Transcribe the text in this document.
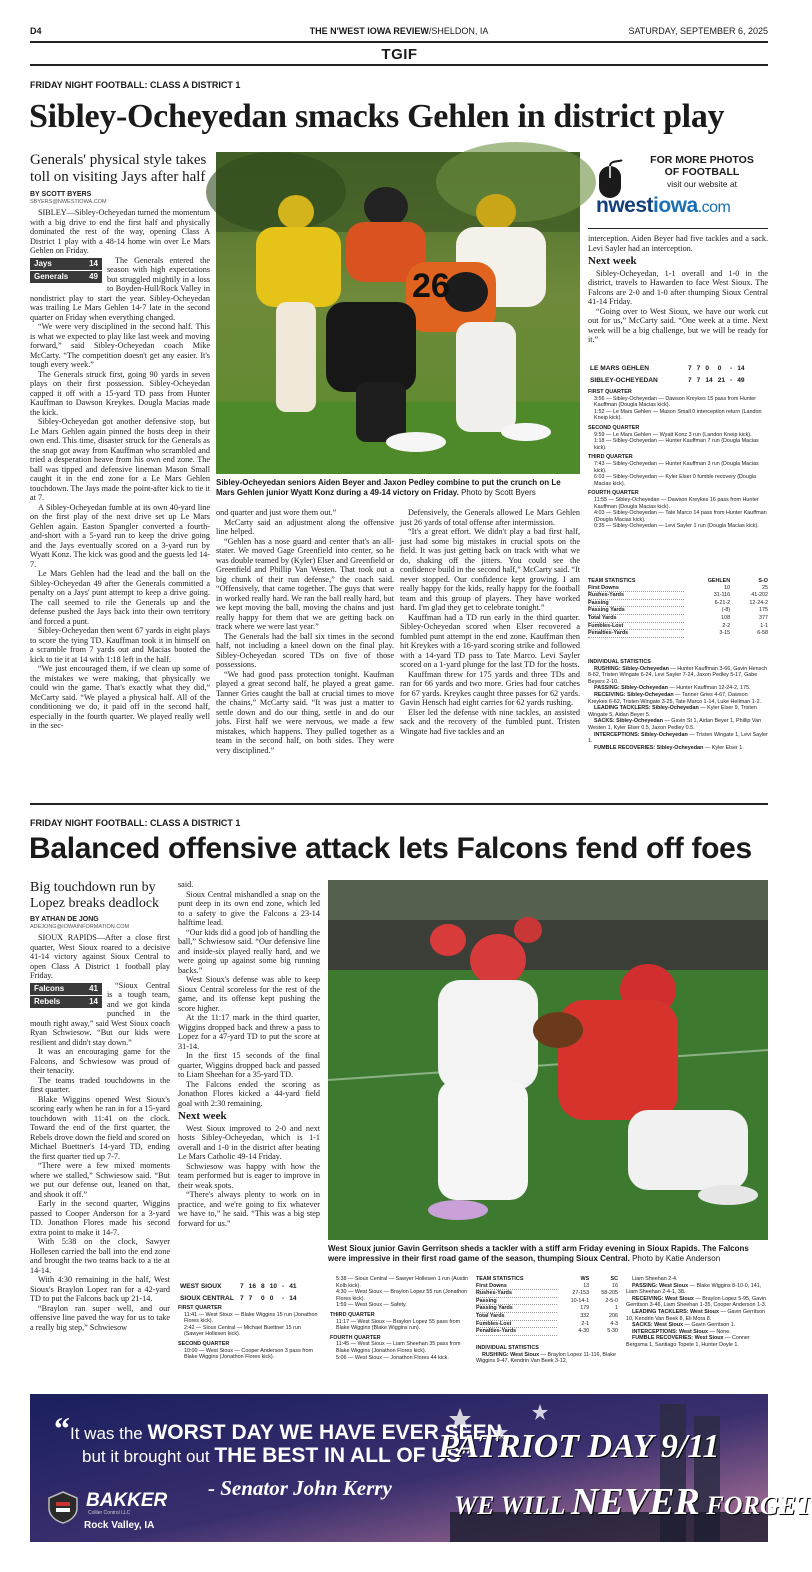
D4	THE N'WEST IOWA REVIEW/SHELDON, IA	SATURDAY, SEPTEMBER 6, 2025
TGIF
FRIDAY NIGHT FOOTBALL: CLASS A DISTRICT 1
Sibley-Ocheyedan smacks Gehlen in district play
Generals' physical style takes toll on visiting Jays after half
BY SCOTT BYERS
SBYERS@NWESTIOWA.COM

SIBLEY—Sibley-Ocheyedan turned the momentum with a big drive to end the first half and physically dominated the rest of the way, opening Class A District 1 play with a 48-14 home win over Le Mars Gehlen on Friday.

Jays	14
Generals	49

The Generals entered the season with high expectations but struggled mightily in a loss to Boyden-Hull/Rock Valley in nondistrict play to start the year. Sibley-Ocheyedan was trailing Le Mars Gehlen 14-7 late in the second quarter on Friday when everything changed.

“We were very disciplined in the second half. This is what we expected to play like last week and moving forward,” said Sibley-Ocheyedan coach Mike McCarty. “The competition doesn't get any easier. It's tough every week.”

The Generals struck first, going 90 yards in seven plays on their first possession. Sibley-Ocheyedan capped it off with a 15-yard TD pass from Hunter Kauffman to Dawson Kreykes. Dougla Macias made the kick.

Sibley-Ocheyedan got another defensive stop, but Le Mars Gehlen again pinned the hosts deep in their own end. This time, disaster struck for the Generals as the snap got away from Kauffman who scrambled and tried a desperation heave from his own end zone. The ball was tipped and defensive lineman Mason Small caught it in the end zone for a Le Mars Gehlen touchdown. The Jays made the point-after kick to tie it at 7.

A Sibley-Ocheyedan fumble at its own 40-yard line on the first play of the next drive set up Le Mars Gehlen again. Easton Spangler converted a fourth-and-short with a 5-yard run to keep the drive going and the Jays eventually scored on a 3-yard run by Wyatt Konz. The kick was good and the guests led 14-7.

Le Mars Gehlen had the lead and the ball on the Sibley-Ocheyedan 49 after the Generals committed a penalty on a Jays' punt attempt to keep a drive going. The call seemed to rile the Generals up and the defense pushed the Jays back into their own territory and forced a punt.

Sibley-Ocheyedan then went 67 yards in eight plays to score the tying TD. Kauffman took it in himself on a scramble from 7 yards out and Macias booted the kick to tie it at 14 with 1:18 left in the half.

“We just encouraged them, if we clean up some of the mistakes we were making, that physically we could win the game. That's exactly what they did,” McCarty said. “We played a physical half. All of the conditioning we do, it paid off in the second half, especially in the fourth quarter. We played really well in the sec-

26
Sibley-Ocheyedan seniors Aiden Beyer and Jaxon Pedley combine to put the crunch on Le Mars Gehlen junior Wyatt Konz during a 49-14 victory on Friday. Photo by Scott Byers

ond quarter and just wore them out.”

McCarty said an adjustment along the offensive line helped.

“Gehlen has a nose guard and center that's an all-stater. We moved Gage Greenfield into center, so he was double teamed by (Kyler) Elser and Greenfield or Greenfield and Phillip Van Westen. That took out a big chunk of their run defense,” the coach said. “Offensively, that came together. The guys that were in worked really hard. We ran the ball really hard, but we kept moving the ball, moving the chains and just really happy for them that we are getting back on track where we were last year.”

The Generals had the ball six times in the second half, not including a kneel down on the final play. Sibley-Ocheyedan scored TDs on five of those possessions.

“We had good pass protection tonight. Kaufman played a great second half, he played a great game. Tanner Gries caught the ball at crucial times to move the chains,” McCarty said. “It was just a matter to settle down and do our thing, settle in and do our jobs. First half we were nervous, we made a few mistakes, which happens. They pulled together as a team in the second half, on both sides. They were very disciplined.”

Defensively, the Generals allowed Le Mars Gehlen just 26 yards of total offense after intermission.

“It's a great effort. We didn't play a bad first half, just had some big mistakes in crucial spots on the field. It was just getting back on track with what we do, shaking off the jitters. You could see the confidence build in the second half,” McCarty said. “It never stopped. Our confidence kept growing. I am really happy for the kids, really happy for the football team and this group of players. They have worked hard. I'm glad they get to celebrate tonight.”

Kauffman had a TD run early in the third quarter. Sibley-Ocheyedan scored when Elser recovered a fumbled punt attempt in the end zone. Kauffman then hit Kreykes with a 16-yard scoring strike and followed with a 14-yard TD pass to Tate Marco. Levi Sayler scored on a 1-yard plunge for the last TD for the hosts.

Kauffman threw for 175 yards and three TDs and ran for 66 yards and two more. Gries had four catches for 67 yards. Kreykes caught three passes for 62 yards. Gavin Hensch had eight carries for 62 yards rushing.

Elser led the defense with nine tackles, an assisted sack and the recovery of the fumbled punt. Tristen Wingate had five tackles and an

FOR MORE PHOTOS
OF FOOTBALL
visit our website at
nwestiowa.com

interception. Aiden Beyer had five tackles and a sack. Levi Sayler had an interception.

Next week

Sibley-Ocheyedan, 1-1 overall and 1-0 in the district, travels to Hawarden to face West Sioux. The Falcons are 2-0 and 1-0 after thumping Sioux Central 41-14 Friday.

“Going over to West Sioux, we have our work cut out for us,” McCarty said. “One week at a time. Next week will be a big challenge, but we will be ready for it.”

LE MARS GEHLEN	7	7	0	0	-	14
SIBLEY-OCHEYEDAN	7	7	14	21	-	49
FIRST QUARTER
3:56 — Sibley-Ocheyedan — Dawson Kreykes 15 pass from Hunter Kauffman (Dougla Macias kick).
1:52 — Le Mars Gehlen — Mason Small 0 interception return (Landon Kneip kick).
SECOND QUARTER
9:59 — Le Mars Gehlen — Wyatt Konz 3 run (Landon Kneip kick).
1:18 — Sibley-Ocheyedan — Hunter Kauffman 7 run (Dougla Macias kick).
THIRD QUARTER
7:43 — Sibley-Ocheyedan — Hunter Kauffman 3 run (Dougla Macias kick).
6:03 — Sibley-Ocheyedan — Kyler Elser 0 fumble recovery (Dougla Macias kick).
FOURTH QUARTER
11:55 — Sibley-Ocheyedan — Dawson Kreykes 16 pass from Hunter Kauffman (Dougla Macias kick).
4:03 — Sibley-Ocheyedan — Tate Marco 14 pass from Hunter Kauffman (Dougla Macias kick).
0:35 — Sibley-Ocheyedan — Levi Sayler 1 run (Dougla Macias kick).
TEAM STATISTICS	GEHLEN	S-O
First Downs	10	25
Rushes-Yards	31-116	41-202
Passing	6-21-2	12-24-2
Passing Yards	(-8)	175
Total Yards	108	377
Fumbles-Lost	2-2	1-1
Penalties-Yards	3-15	6-58
INDIVIDUAL STATISTICS
RUSHING: Sibley-Ocheyedan — Hunter Kauffman 3-66, Gavin Hensch 8-62, Tristen Wingate 6-24, Levi Sayler 7-24, Jaxon Pedley 5-17, Gabe Beyers 2-10.
PASSING: Sibley-Ocheyedan — Hunter Kauffman 12-24-2, 175.
RECEIVING: Sibley-Ocheyedan — Tanner Gries 4-67, Dawson Kreykes 6-62, Tristen Wingate 3-25, Tate Marco 1-14, Luke Heilman 1-2.
LEADING TACKLERS: Sibley-Ocheyedan — Kyler Elser 9, Tristen Wingate 5, Aidan Beyer 5.
SACKS: Sibley-Ocheyedan — Gavin St 1, Aidan Beyer 1, Phillip Van Westen 1, Kyler Elser 0.5, Jaxon Pedley 0.5.
INTERCEPTIONS: Sibley-Ocheyedan — Tristen Wingate 1, Levi Sayler 1.
FUMBLE RECOVERIES: Sibley-Ocheyedan — Kyler Elser 1.
FRIDAY NIGHT FOOTBALL: CLASS A DISTRICT 1
Balanced offensive attack lets Falcons fend off foes
Big touchdown run by Lopez breaks deadlock
BY ATHAN DE JONG
ADEJONG@IOWAINFORMATION.COM

SIOUX RAPIDS—After a close first quarter, West Sioux roared to a decisive 41-14 victory against Sioux Central to open Class A District 1 football play Friday.

Falcons	41
Rebels	14

“Sioux Central is a tough team, and we got kinda punched in the mouth right away,” said West Sioux coach Ryan Schwiesow. “But our kids were resilient and didn't stay down.”

It was an encouraging game for the Falcons, and Schwiesow was proud of their tenacity.

The teams traded touchdowns in the first quarter.

Blake Wiggins opened West Sioux's scoring early when he ran in for a 15-yard touchdown with 11:41 on the clock. Toward the end of the first quarter, the Rebels drove down the field and scored on Michael Buettner's 14-yard TD, ending the first quarter tied up 7-7.

“There were a few mixed moments where we stalled,” Schwiesow said. “But we put our defense out, leaned on that, and shook it off.”

Early in the second quarter, Wiggins passed to Cooper Anderson for a 3-yard TD. Jonathon Flores made his second extra point to make it 14-7.

With 5:38 on the clock, Sawyer Hollesen carried the ball into the end zone and brought the two teams back to a tie at 14-14.

With 4:30 remaining in the half, West Sioux's Braylon Lopez ran for a 42-yard TD to put the Falcons back up 21-14.

“Braylon ran super well, and our offensive line paved the way for us to take a really big step,” Schwiesow

said.

Sioux Central mishandled a snap on the punt deep in its own end zone, which led to a safety to give the Falcons a 23-14 halftime lead.

“Our kids did a good job of handling the ball,” Schwiesow said. “Our defensive line and inside-six played really hard, and we were going up against some big running backs.”

West Sioux's defense was able to keep Sioux Central scoreless for the rest of the game, and its offense kept pushing the score higher.

At the 11:17 mark in the third quarter, Wiggins dropped back and threw a pass to Lopez for a 47-yard TD to put the score at 31-14.

In the first 15 seconds of the final quarter, Wiggins dropped back and passed to Liam Sheehan for a 35-yard TD.

The Falcons ended the scoring as Jonathon Flores kicked a 44-yard field goal with 2:30 remaining.

Next week

West Sioux improved to 2-0 and next hosts Sibley-Ocheyedan, which is 1-1 overall and 1-0 in the district after beating Le Mars Catholic 49-14 Friday.

Schwiesow was happy with how the team performed but is eager to improve in their weak spots.

“There's always plenty to work on in practice, and we're going to fix whatever we have to,” he said. “This was a big step forward for us.”

West Sioux junior Gavin Gerritson sheds a tackler with a stiff arm Friday evening in Sioux Rapids. The Falcons were impressive in their first road game of the season, thumping Sioux Central. Photo by Katie Anderson
WEST SIOUX	7	16	8	10	-	41
SIOUX CENTRAL	7	7	0	0	-	14
FIRST QUARTER
11:41 — West Sioux — Blake Wiggins 15 run (Jonathon Flores kick).
2:42 — Sioux Central — Michael Buettner 15 run (Sawyer Hollesen kick).
SECOND QUARTER
10:00 — West Sioux — Cooper Anderson 3 pass from Blake Wiggins (Jonathon Flores kick).
5:38 — Sioux Central — Sawyer Hollesen 1 run (Austin Kolb kick).
4:30 — West Sioux — Braylon Lopez 55 run (Jonathon Flores kick).
1:59 — West Sioux — Safety.
THIRD QUARTER
11:17 — West Sioux — Braylon Lopez 55 pass from Blake Wiggins (Blake Wiggins run).
FOURTH QUARTER
11:45 — West Sioux — Liam Sheehan 35 pass from Blake Wiggins (Jonathon Flores kick).
5:06 — West Sioux — Jonathon Flores 44 kick.
TEAM STATISTICS	WS	SC
First Downs	13	16
Rushes-Yards	27-153	58-205
Passing	10-14-1	2-5-0
Passing Yards	179	1
Total Yards	332	206
Fumbles-Lost	2-1	4-3
Penalties-Yards	4-30	5-30
INDIVIDUAL STATISTICS
RUSHING: West Sioux — Braylon Lopez 11-116, Blake Wiggins 9-47, Kendrin Van Beek 3-12,
Liam Sheehan 2-4.
PASSING: West Sioux — Blake Wiggins 8-10-0, 141, Liam Sheehan 2-4-1, 38.
RECEIVING: West Sioux — Braylon Lopez 5-95, Gavin Gerritson 3-46, Liam Sheehan 1-35, Cooper Anderson 1-3.
LEADING TACKLERS: West Sioux — Gavin Gerritson 10, Kendrin Van Beek 8, Eli Mora 8.
SACKS: West Sioux — Gavin Gerritson 1.
INTERCEPTIONS: West Sioux — None.
FUMBLE RECOVERIES: West Sioux — Conner Bergsma 1, Santiago Topete 1, Hunter Doyle 1.
“It was the WORST DAY WE HAVE EVER SEEN,
but it brought out THE BEST IN ALL OF US”
- Senator John Kerry
BAKKER
Collier Control LLC
Rock Valley, IA
PATRIOT DAY 9/11
WE WILL NEVER FORGET
